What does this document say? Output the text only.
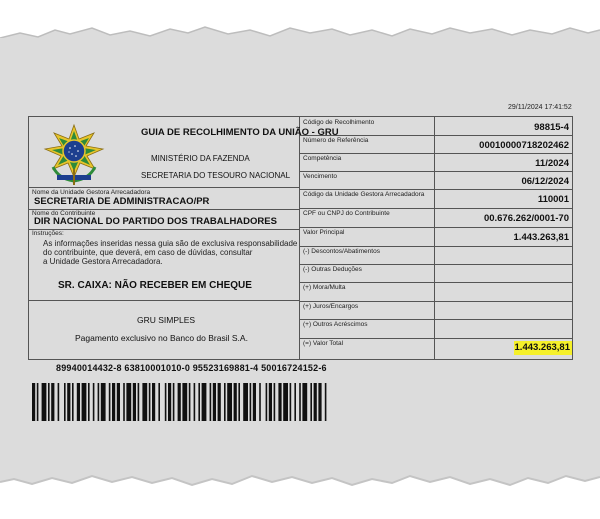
29/11/2024 17:41:52
GUIA DE RECOLHIMENTO DA UNIÃO - GRU
MINISTÉRIO DA FAZENDA
SECRETARIA DO TESOURO NACIONAL
Nome da Unidade Gestora Arrecadadora
SECRETARIA DE ADMINISTRACAO/PR
Nome do Contribuinte
DIR NACIONAL DO PARTIDO DOS TRABALHADORES
Instruções:
As informações inseridas nessa guia são de exclusiva responsabilidade
do contribuinte, que deverá, em caso de dúvidas, consultar
a Unidade Gestora Arrecadadora.
SR. CAIXA: NÃO RECEBER EM CHEQUE
GRU SIMPLES
Pagamento exclusivo no Banco do Brasil S.A.
Código de Recolhimento	98815-4
Número de Referência	00010000718202462
Competência	11/2024
Vencimento	06/12/2024
Código da Unidade Gestora Arrecadadora	110001
CPF ou CNPJ do Contribuinte	00.676.262/0001-70
Valor Principal	1.443.263,81
(-) Descontos/Abatimentos
(-) Outras Deduções
(+) Mora/Multa
(+) Juros/Encargos
(+) Outros Acréscimos
(=) Valor Total	1.443.263,81
89940014432-8 63810001010-0 95523169881-4 50016724152-6
